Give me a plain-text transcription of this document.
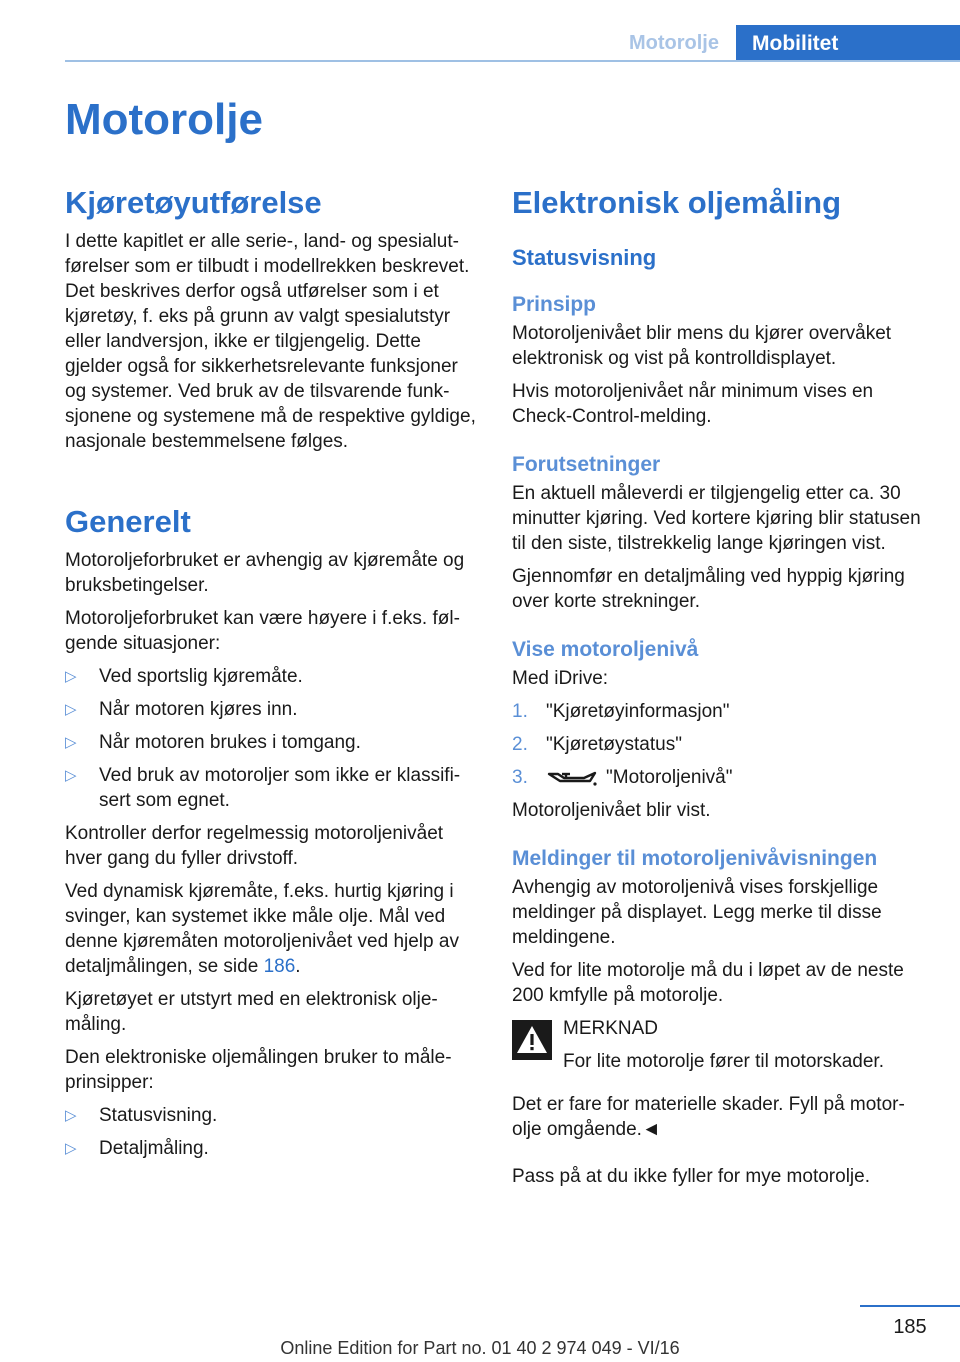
Motorolje	Mobilitet
Motorolje
Kjøretøyutførelse

I dette kapitlet er alle serie-, land- og spesialutførelser som er tilbudt i modellrekken beskrevet. Det beskrives derfor også utførelser som i et kjøretøy, f. eks på grunn av valgt spesialutstyr eller landversjon, ikke er tilgjengelig. Dette gjelder også for sikkerhetsrelevante funksjoner og systemer. Ved bruk av de tilsvarende funksjonene og systemene må de respektive gyldige, nasjonale bestemmelsene følges.

Generelt

Motoroljeforbruket er avhengig av kjøremåte og bruksbetingelser.

Motoroljeforbruket kan være høyere i f.eks. følgende situasjoner:

▷ Ved sportslig kjøremåte.
▷ Når motoren kjøres inn.
▷ Når motoren brukes i tomgang.
▷ Ved bruk av motoroljer som ikke er klassifisert som egnet.

Kontroller derfor regelmessig motoroljenivået hver gang du fyller drivstoff.

Ved dynamisk kjøremåte, f.eks. hurtig kjøring i svinger, kan systemet ikke måle olje. Mål ved denne kjøremåten motoroljenivået ved hjelp av detaljmålingen, se side 186.

Kjøretøyet er utstyrt med en elektronisk oljemåling.

Den elektroniske oljemålingen bruker to måleprinsipper:

▷ Statusvisning.
▷ Detaljmåling.
Elektronisk oljemåling
Statusvisning
Prinsipp

Motoroljenivået blir mens du kjører overvåket elektronisk og vist på kontrolldisplayet.

Hvis motoroljenivået når minimum vises en Check-Control-melding.

Forutsetninger

En aktuell måleverdi er tilgjengelig etter ca. 30 minutter kjøring. Ved kortere kjøring blir statusen til den siste, tilstrekkelig lange kjøringen vist.

Gjennomfør en detaljmåling ved hyppig kjøring over korte strekninger.

Vise motoroljenivå

Med iDrive:

1. "Kjøretøyinformasjon"
2. "Kjøretøystatus"
3.	"Motoroljenivå"

Motoroljenivået blir vist.

Meldinger til motoroljenivåvisningen

Avhengig av motoroljenivå vises forskjellige meldinger på displayet. Legg merke til disse meldingene.

Ved for lite motorolje må du i løpet av de neste 200 kmfylle på motorolje.

MERKNAD

For lite motorolje fører til motorskader.

Det er fare for materielle skader. Fyll på motorolje omgående.◄

Pass på at du ikke fyller for mye motorolje.

185
Online Edition for Part no. 01 40 2 974 049 - VI/16
